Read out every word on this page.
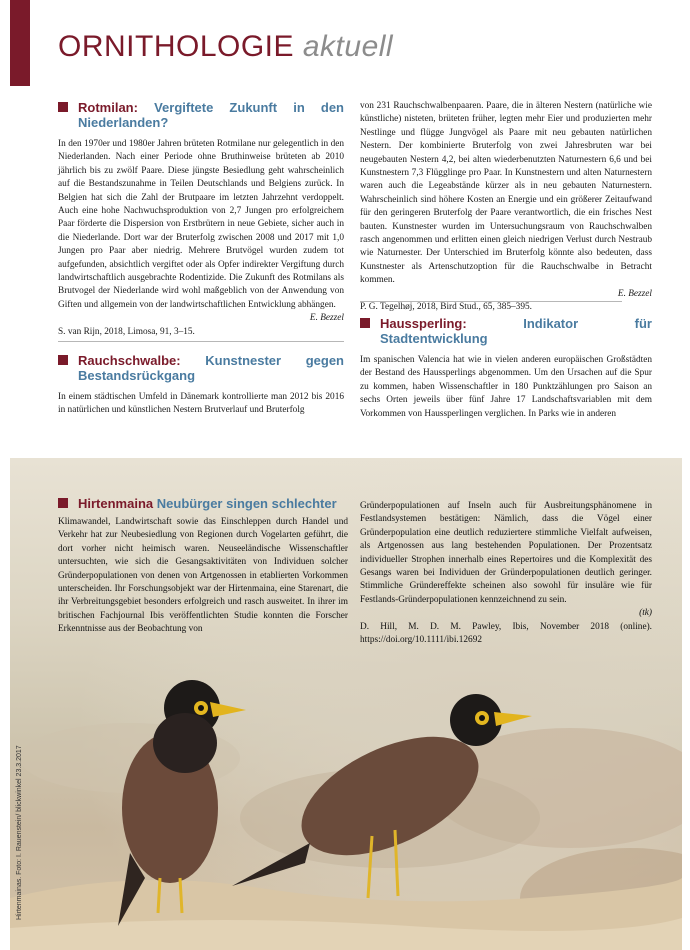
ORNITHOLOGIE aktuell
Rotmilan: Vergiftete Zukunft in den Niederlanden?

In den 1970er und 1980er Jahren brüteten Rotmilane nur gelegentlich in den Niederlanden. Nach einer Periode ohne Bruthinweise brüteten ab 2010 jährlich bis zu zwölf Paare. Diese jüngste Besiedlung geht wahrscheinlich auf die Bestandszunahme in Teilen Deutschlands und Belgiens zurück. In Belgien hat sich die Zahl der Brutpaare im letzten Jahrzehnt verdoppelt. Auch eine hohe Nachwuchsproduktion von 2,7 Jungen pro erfolgreichem Paar förderte die Dispersion von Erstbrütern in neue Gebiete, sicher auch in die Niederlande. Dort war der Bruterfolg zwischen 2008 und 2017 mit 1,0 Jungen pro Paar aber niedrig. Mehrere Brutvögel wurden zudem tot aufgefunden, absichtlich vergiftet oder als Opfer indirekter Vergiftung durch landwirtschaftlich ausgebrachte Rodentizide. Die Zukunft des Rotmilans als Brutvogel der Niederlande wird wohl maßgeblich von der Anwendung von Giften und allgemein von der landwirtschaftlichen Entwicklung abhängen.

E. Bezzel

S. van Rijn, 2018, Limosa, 91, 3–15.

Rauchschwalbe: Kunstnester gegen Bestandsrückgang

In einem städtischen Umfeld in Dänemark kontrollierte man 2012 bis 2016 in natürlichen und künstlichen Nestern Brutverlauf und Bruterfolg

von 231 Rauchschwalbenpaaren. Paare, die in älteren Nestern (natürliche wie künstliche) nisteten, brüteten früher, legten mehr Eier und produzierten mehr Nestlinge und flügge Jungvögel als Paare mit neu gebauten natürlichen Nestern. Der kombinierte Bruterfolg von zwei Jahresbruten war bei neugebauten Nestern 4,2, bei alten wiederbenutzten Naturnestern 6,6 und bei Kunstnestern 7,3 Flügglinge pro Paar. In Kunstnestern und alten Naturnestern waren auch die Legeabstände kürzer als in neu gebauten Naturnestern. Wahrscheinlich sind höhere Kosten an Energie und ein größerer Zeitaufwand für den geringeren Bruterfolg der Paare verantwortlich, die ein frisches Nest bauten. Kunstnester wurden im Untersuchungsraum von Rauchschwalben rasch angenommen und erlitten einen gleich niedrigen Verlust durch Nestraub wie Naturnester. Der Unterschied im Bruterfolg könnte also bedeuten, dass Kunstnester als Artenschutzoption für die Rauchschwalbe in Betracht kommen.

E. Bezzel

P. G. Tegelhøj, 2018, Bird Stud., 65, 385–395.

Haussperling:	Indikator für Stadtentwicklung

Im spanischen Valencia hat wie in vielen anderen europäischen Großstädten der Bestand des Haussperlings abgenommen. Um den Ursachen auf die Spur zu kommen, haben Wissenschaftler in 180 Punktzählungen pro Saison an sechs Orten jeweils über fünf Jahre 17 Landschaftsvariablen mit dem Vorkommen von Haussperlingen verglichen. In Parks wie in anderen

Hirtenmaina Neubürger singen schlechter

Klimawandel, Landwirtschaft sowie das Einschleppen durch Handel und Verkehr hat zur Neubesiedlung von Regionen durch Vogelarten geführt, die dort vorher nicht heimisch waren. Neuseeländische Wissenschaftler untersuchten, wie sich die Gesangsaktivitäten von Individuen solcher Gründerpopulationen von denen von Artgenossen in etablierten Vorkommen unterscheiden. Ihr Forschungsobjekt war der Hirtenmaina, eine Starenart, die ihr Verbreitungsgebiet besonders erfolgreich und rasch ausweitet. In ihrer im britischen Fachjournal Ibis veröffentlichten Studie konnten die Forscher Erkenntnisse aus der Beobachtung von

Gründerpopulationen auf Inseln auch für Ausbreitungsphänomene in Festlandsystemen bestätigen: Nämlich, dass die Vögel einer Gründerpopulation eine deutlich reduziertere stimmliche Vielfalt aufweisen, als Artgenossen aus lang bestehenden Populationen. Der Prozentsatz individueller Strophen innerhalb eines Repertoires und die Komplexität des Gesangs waren bei Individuen der Gründerpopulationen deutlich geringer. Stimmliche Gründereffekte scheinen also sowohl für insuläre wie für Festlands-Gründerpopulationen kennzeichnend zu sein.

(tk)

D. Hill, M. D. M. Pawley, Ibis, November 2018 (online). https://doi.org/10.1111/ibi.12692

Hirtenmainas. Foto: I. Rauenstein/ blickwinkel 23.3.2017
